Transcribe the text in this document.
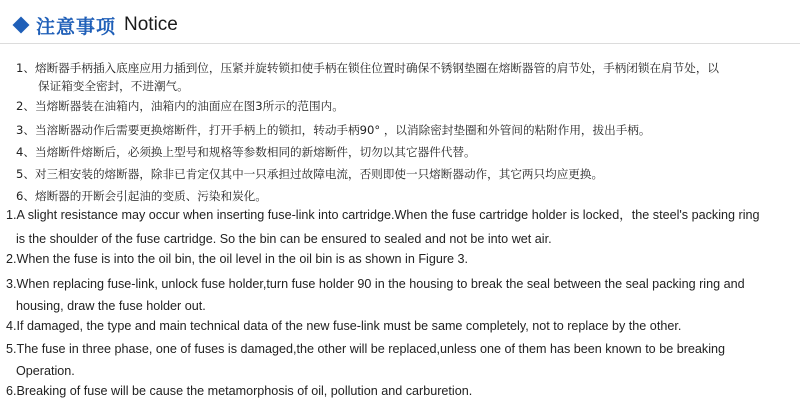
注意事项 Notice
1、熔断器手柄插入底座应用力插到位，压紧并旋转锁扣使手柄在锁住位置时确保不锈钢垫圈在熔断器管的肩节处，手柄闭锁在肩节处，以
保证箱变全密封，不进潮气。
2、当熔断器装在油箱内，油箱内的油面应在图3所示的范围内。
3、当溶断器动作后需要更换熔断件，打开手柄上的锁扣，转动手柄90° ，以消除密封垫圈和外管间的粘附作用，拔出手柄。
4、当熔断件熔断后，必须换上型号和规格等参数相同的新熔断件，切勿以其它器件代替。
5、对三相安装的熔断器，除非已肯定仅其中一只承担过故障电流，否则即使一只熔断器动作，其它两只均应更换。
6、熔断器的开断会引起油的变质、污染和炭化。
1.A slight resistance may occur when inserting fuse-link into cartridge.When the fuse cartridge holder is locked，the steel's packing ring
is the shoulder of the fuse cartridge. So the bin can be ensured to sealed and not be into wet air.
2.When the fuse is into the oil bin, the oil level in the oil bin is as shown in Figure 3.
3.When replacing fuse-link, unlock fuse holder,turn fuse holder 90 in the housing to break the seal between the seal packing ring and
housing, draw the fuse holder out.
4.If damaged, the type and main technical data of the new fuse-link must be same completely, not to replace by the other.
5.The fuse in three phase, one of fuses is damaged,the other will be replaced,unless one of them has been known to be breaking
Operation.
6.Breaking of fuse will be cause the metamorphosis of oil, pollution and carburetion.
